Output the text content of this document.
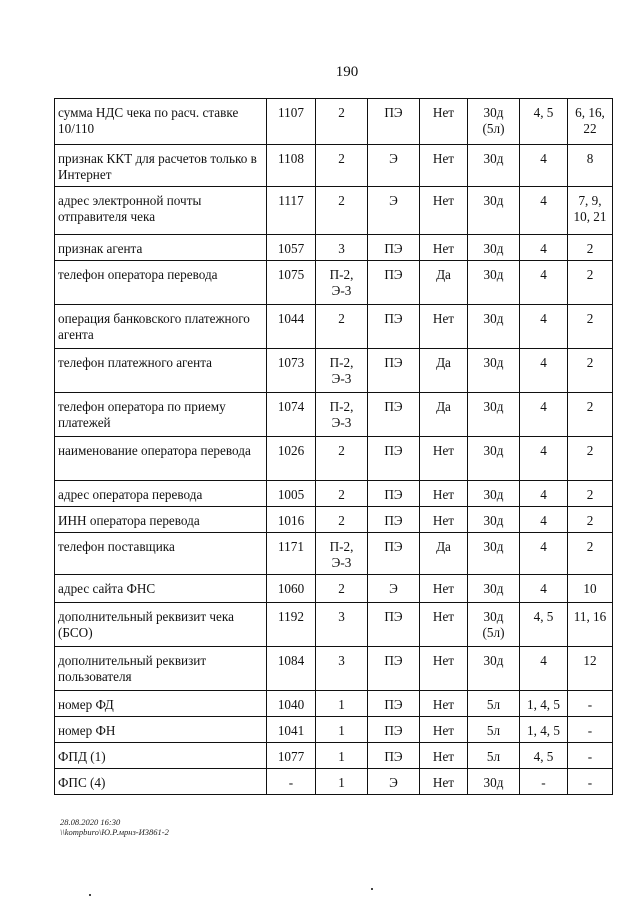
190
сумма НДС чека по расч. ставке 10/110	1107	2	ПЭ	Нет	30д (5л)	4, 5	6, 16, 22
признак ККТ для расчетов только в Интернет	1108	2	Э	Нет	30д	4	8
адрес электронной почты отправителя чека	1117	2	Э	Нет	30д	4	7, 9, 10, 21
признак агента	1057	3	ПЭ	Нет	30д	4	2
телефон оператора перевода	1075	П-2, Э-3	ПЭ	Да	30д	4	2
операция банковского платежного агента	1044	2	ПЭ	Нет	30д	4	2
телефон платежного агента	1073	П-2, Э-3	ПЭ	Да	30д	4	2
телефон оператора по приему платежей	1074	П-2, Э-3	ПЭ	Да	30д	4	2
наименование оператора перевода	1026	2	ПЭ	Нет	30д	4	2
адрес оператора перевода	1005	2	ПЭ	Нет	30д	4	2
ИНН оператора перевода	1016	2	ПЭ	Нет	30д	4	2
телефон поставщика	1171	П-2, Э-3	ПЭ	Да	30д	4	2
адрес сайта ФНС	1060	2	Э	Нет	30д	4	10
дополнительный реквизит чека (БСО)	1192	3	ПЭ	Нет	30д (5л)	4, 5	11, 16
дополнительный реквизит пользователя	1084	3	ПЭ	Нет	30д	4	12
номер ФД	1040	1	ПЭ	Нет	5л	1, 4, 5	-
номер ФН	1041	1	ПЭ	Нет	5л	1, 4, 5	-
ФПД (1)	1077	1	ПЭ	Нет	5л	4, 5	-
ФПС (4)	-	1	Э	Нет	30д	-	-
28.08.2020 16:30
\\kompburo\Ю.Р.мрнз-И3861-2
